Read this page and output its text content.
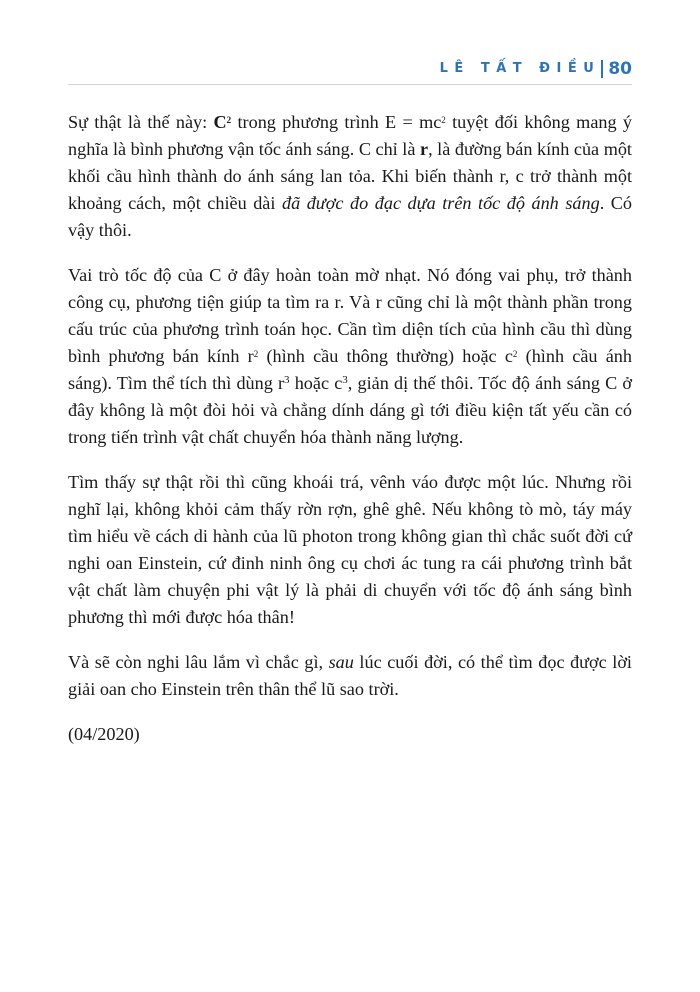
LÊ TẤT ĐIỀU 80

Sự thật là thế này: $C^2$ trong phương trình $E = mc^2$ tuyệt đối không mang ý nghĩa là bình phương vận tốc ánh sáng. C chỉ là r, là đường bán kính của một khối cầu hình thành do ánh sáng lan tỏa. Khi biến thành r, c trở thành một khoảng cách, một chiều dài đã được đo đạc dựa trên tốc độ ánh sáng. Có vậy thôi.

Vai trò tốc độ của C ở đây hoàn toàn mờ nhạt. Nó đóng vai phụ, trở thành công cụ, phương tiện giúp ta tìm ra r. Và r cũng chỉ là một thành phần trong cấu trúc của phương trình toán học. Cần tìm diện tích của hình cầu thì dùng bình phương bán kính $r^2$ (hình cầu thông thường) hoặc $c^2$ (hình cầu ánh sáng). Tìm thể tích thì dùng $r^3$ hoặc $c^3$, giản dị thế thôi. Tốc độ ánh sáng C ở đây không là một đòi hỏi và chẳng dính dáng gì tới điều kiện tất yếu cần có trong tiến trình vật chất chuyển hóa thành năng lượng.

Tìm thấy sự thật rồi thì cũng khoái trá, vênh váo được một lúc. Nhưng rồi nghĩ lại, không khỏi cảm thấy rờn rợn, ghê ghê. Nếu không tò mò, táy máy tìm hiểu về cách di hành của lũ photon trong không gian thì chắc suốt đời cứ nghi oan Einstein, cứ đinh ninh ông cụ chơi ác tung ra cái phương trình bắt vật chất làm chuyện phi vật lý là phải di chuyển với tốc độ ánh sáng bình phương thì mới được hóa thân!

Và sẽ còn nghi lâu lắm vì chắc gì, sau lúc cuối đời, có thể tìm đọc được lời giải oan cho Einstein trên thân thể lũ sao trời.

(04/2020)
